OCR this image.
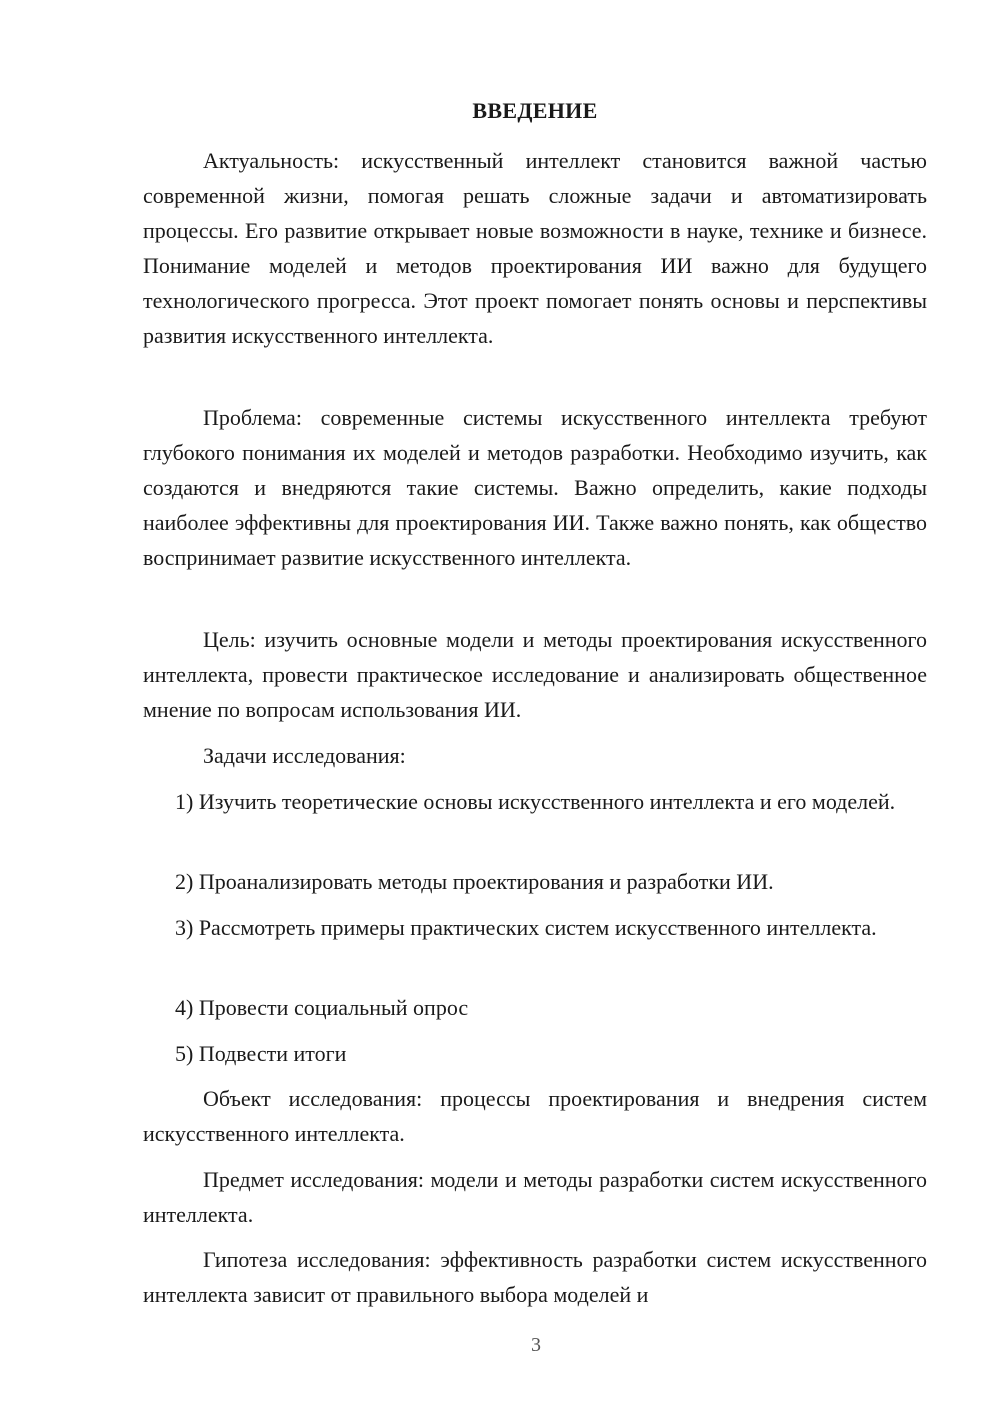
ВВЕДЕНИЕ

Актуальность: искусственный интеллект становится важной частью современной жизни, помогая решать сложные задачи и автоматизировать процессы. Его развитие открывает новые возможности в науке, технике и бизнесе. Понимание моделей и методов проектирования ИИ важно для будущего технологического прогресса. Этот проект помогает понять основы и перспективы развития искусственного интеллекта.

Проблема: современные системы искусственного интеллекта требуют глубокого понимания их моделей и методов разработки. Необходимо изучить, как создаются и внедряются такие системы. Важно определить, какие подходы наиболее эффективны для проектирования ИИ. Также важно понять, как общество воспринимает развитие искусственного интеллекта.

Цель: изучить основные модели и методы проектирования искусственного интеллекта, провести практическое исследование и анализировать общественное мнение по вопросам использования ИИ.

Задачи исследования:

1) Изучить теоретические основы искусственного интеллекта и его моделей.

2) Проанализировать методы проектирования и разработки ИИ.

3) Рассмотреть примеры практических систем искусственного интеллекта.

4) Провести социальный опрос

5) Подвести итоги

Объект исследования: процессы проектирования и внедрения систем искусственного интеллекта.

Предмет исследования: модели и методы разработки систем искусственного интеллекта.

Гипотеза исследования: эффективность разработки систем искусственного интеллекта зависит от правильного выбора моделей и

3
